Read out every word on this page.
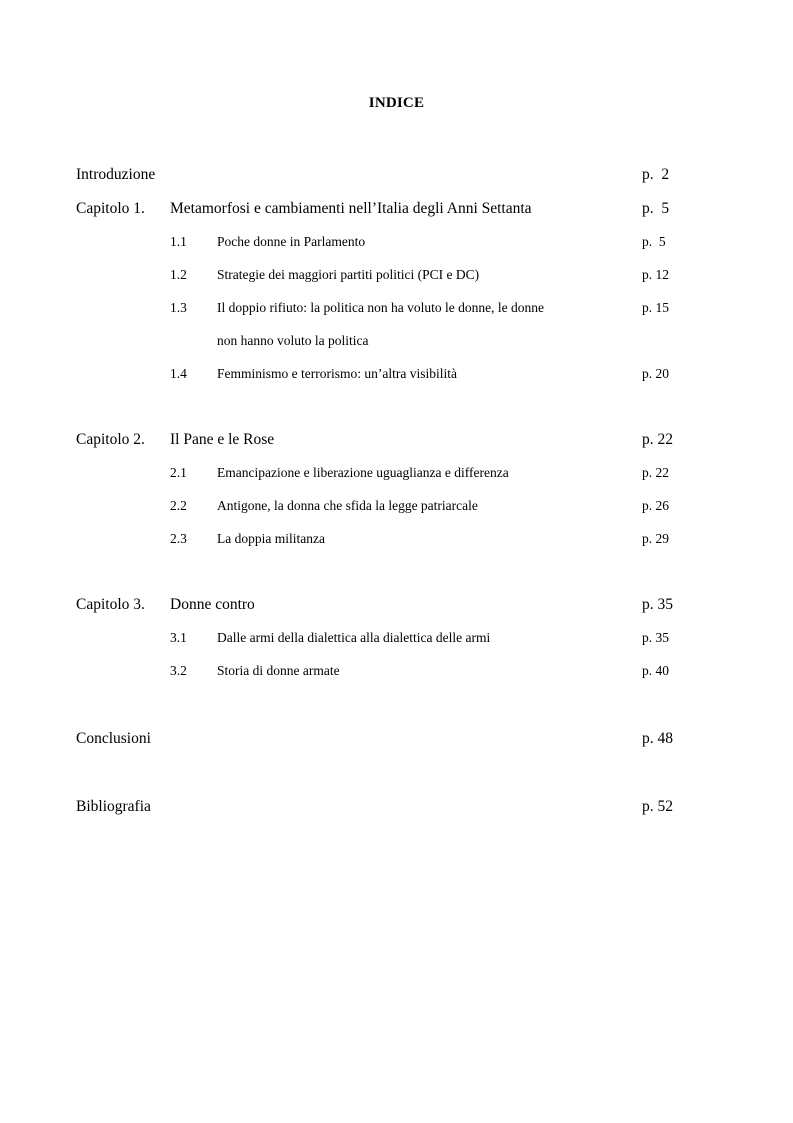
INDICE
Introduzione	p.  2
Capitolo 1. Metamorfosi e cambiamenti nell’Italia degli Anni Settanta	p.  5
1.1 Poche donne in Parlamento	p.  5
1.2 Strategie dei maggiori partiti politici (PCI e DC)	p. 12
1.3 Il doppio rifiuto: la politica non ha voluto le donne, le donne	p. 15
non hanno voluto la politica
1.4 Femminismo e terrorismo: un’altra visibilità	p. 20
Capitolo 2. Il Pane e le Rose	p. 22
2.1 Emancipazione e liberazione uguaglianza e differenza	p. 22
2.2 Antigone, la donna che sfida la legge patriarcale	p. 26
2.3 La doppia militanza	p. 29
Capitolo 3. Donne contro	p. 35
3.1 Dalle armi della dialettica alla dialettica delle armi	p. 35
3.2 Storia di donne armate	p. 40
Conclusioni	p. 48
Bibliografia	p. 52
